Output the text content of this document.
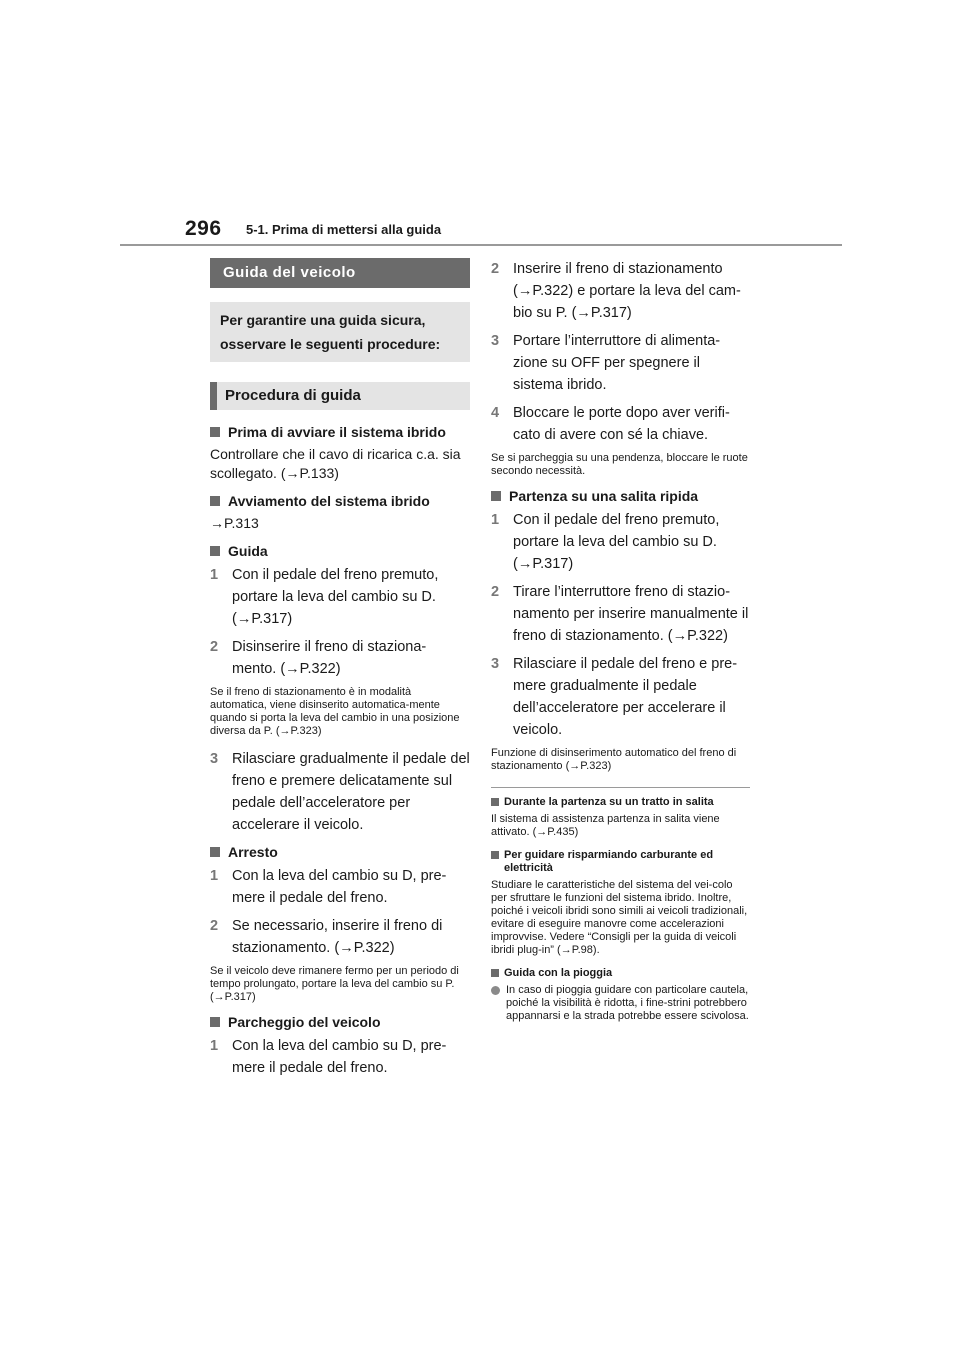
296 5-1. Prima di mettersi alla guida
Guida del veicolo
Per garantire una guida sicura, osservare le seguenti procedure:
Procedura di guida
Prima di avviare il sistema ibrido
Controllare che il cavo di ricarica c.a. sia scollegato. (→P.133)
Avviamento del sistema ibrido
→P.313
Guida
1 Con il pedale del freno premuto, portare la leva del cambio su D. (→P.317)
2 Disinserire il freno di staziona-mento. (→P.322)
Se il freno di stazionamento è in modalità automatica, viene disinserito automatica-mente quando si porta la leva del cambio in una posizione diversa da P. (→P.323)
3 Rilasciare gradualmente il pedale del freno e premere delicatamente sul pedale dell’acceleratore per accelerare il veicolo.
Arresto
1 Con la leva del cambio su D, pre-mere il pedale del freno.
2 Se necessario, inserire il freno di stazionamento. (→P.322)
Se il veicolo deve rimanere fermo per un periodo di tempo prolungato, portare la leva del cambio su P. (→P.317)
Parcheggio del veicolo
1 Con la leva del cambio su D, pre-mere il pedale del freno.
2 Inserire il freno di stazionamento (→P.322) e portare la leva del cam-bio su P. (→P.317)
3 Portare l’interruttore di alimenta-zione su OFF per spegnere il sistema ibrido.
4 Bloccare le porte dopo aver verifi-cato di avere con sé la chiave.
Se si parcheggia su una pendenza, bloccare le ruote secondo necessità.
Partenza su una salita ripida
1 Con il pedale del freno premuto, portare la leva del cambio su D. (→P.317)
2 Tirare l’interruttore freno di stazio-namento per inserire manualmente il freno di stazionamento. (→P.322)
3 Rilasciare il pedale del freno e pre-mere gradualmente il pedale dell’acceleratore per accelerare il veicolo.
Funzione di disinserimento automatico del freno di stazionamento (→P.323)
Durante la partenza su un tratto in salita
Il sistema di assistenza partenza in salita viene attivato. (→P.435)
Per guidare risparmiando carburante ed elettricità
Studiare le caratteristiche del sistema del vei-colo per sfruttare le funzioni del sistema ibrido. Inoltre, poiché i veicoli ibridi sono simili ai veicoli tradizionali, evitare di eseguire manovre come accelerazioni improvvise. Vedere “Consigli per la guida di veicoli ibridi plug-in” (→P.98).
Guida con la pioggia
In caso di pioggia guidare con particolare cautela, poiché la visibilità è ridotta, i fine-strini potrebbero appannarsi e la strada potrebbe essere scivolosa.
